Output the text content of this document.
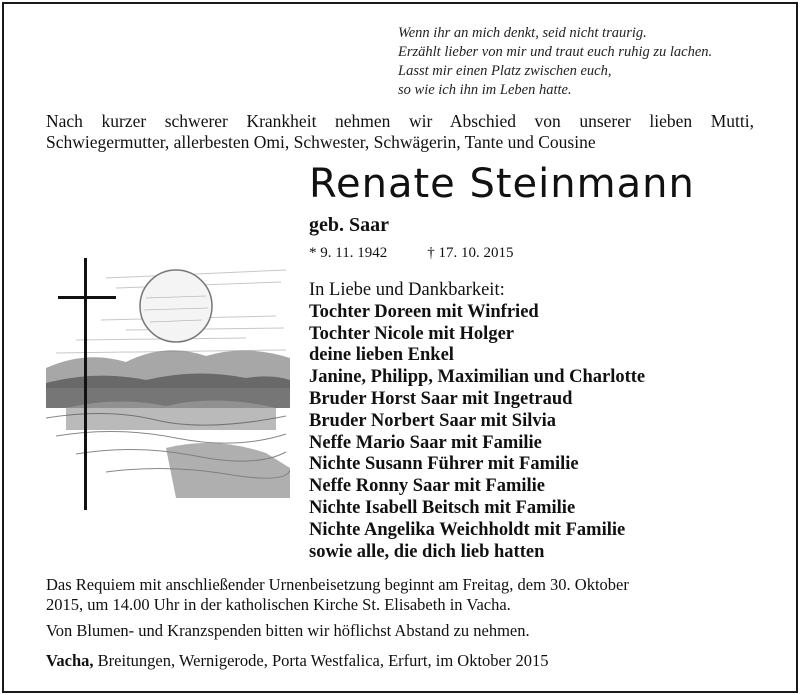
Wenn ihr an mich denkt, seid nicht traurig.
Erzählt lieber von mir und traut euch ruhig zu lachen.
Lasst mir einen Platz zwischen euch,
so wie ich ihn im Leben hatte.
Nach kurzer schwerer Krankheit nehmen wir Abschied von unserer lieben Mutti,
Schwiegermutter, allerbesten Omi, Schwester, Schwägerin, Tante und Cousine
Renate Steinmann
geb. Saar
* 9. 11. 1942	† 17. 10. 2015
In Liebe und Dankbarkeit:
Tochter Doreen mit Winfried
Tochter Nicole mit Holger
deine lieben Enkel
Janine, Philipp, Maximilian und Charlotte
Bruder Horst Saar mit Ingetraud
Bruder Norbert Saar mit Silvia
Neffe Mario Saar mit Familie
Nichte Susann Führer mit Familie
Neffe Ronny Saar mit Familie
Nichte Isabell Beitsch mit Familie
Nichte Angelika Weichholdt mit Familie
sowie alle, die dich lieb hatten
Das Requiem mit anschließender Urnenbeisetzung beginnt am Freitag, dem 30. Oktober
2015, um 14.00 Uhr in der katholischen Kirche St. Elisabeth in Vacha.
Von Blumen- und Kranzspenden bitten wir höflichst Abstand zu nehmen.
Vacha, Breitungen, Wernigerode, Porta Westfalica, Erfurt, im Oktober 2015
